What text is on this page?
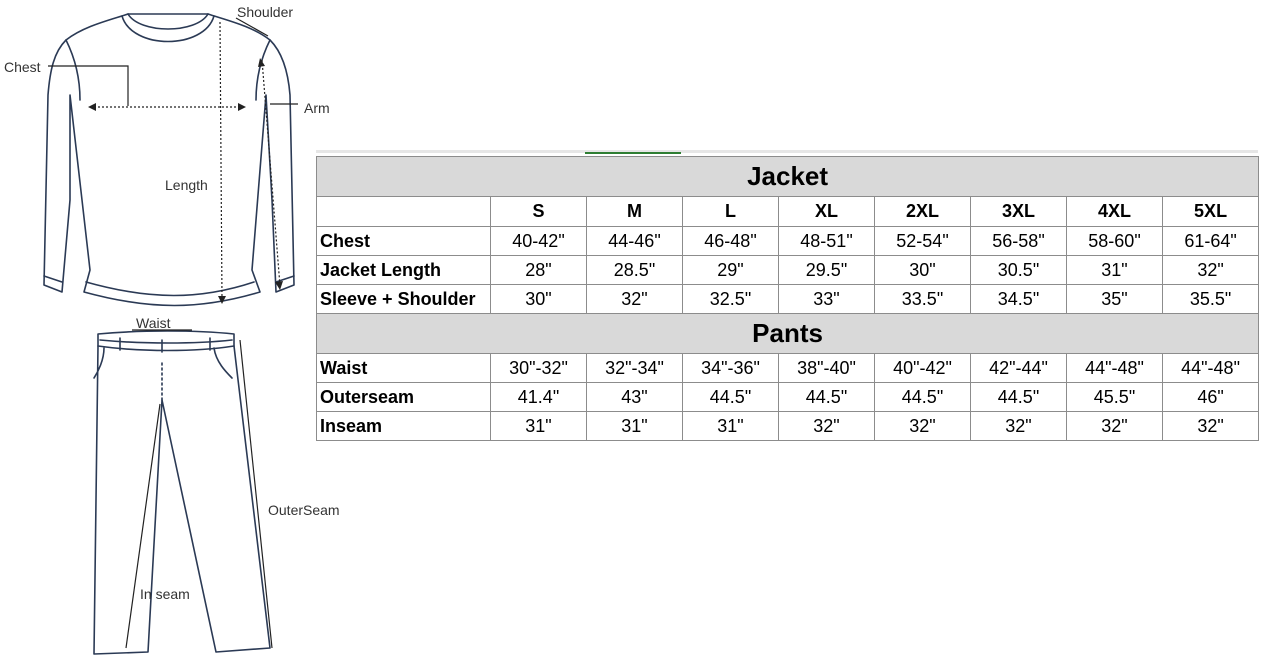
Shoulder
Chest
Arm
Length
Waist
OuterSeam
In seam
Jacket								
	S	M	L	XL	2XL	3XL	4XL	5XL
Chest	40-42"	44-46"	46-48"	48-51"	52-54"	56-58"	58-60"	61-64"
Jacket Length	28"	28.5"	29"	29.5"	30"	30.5"	31"	32"
Sleeve + Shoulder	30"	32"	32.5"	33"	33.5"	34.5"	35"	35.5"
Pants								
Waist	30"-32"	32"-34"	34"-36"	38"-40"	40"-42"	42"-44"	44"-48"	44"-48"
Outerseam	41.4"	43"	44.5"	44.5"	44.5"	44.5"	45.5"	46"
Inseam	31"	31"	31"	32"	32"	32"	32"	32"
